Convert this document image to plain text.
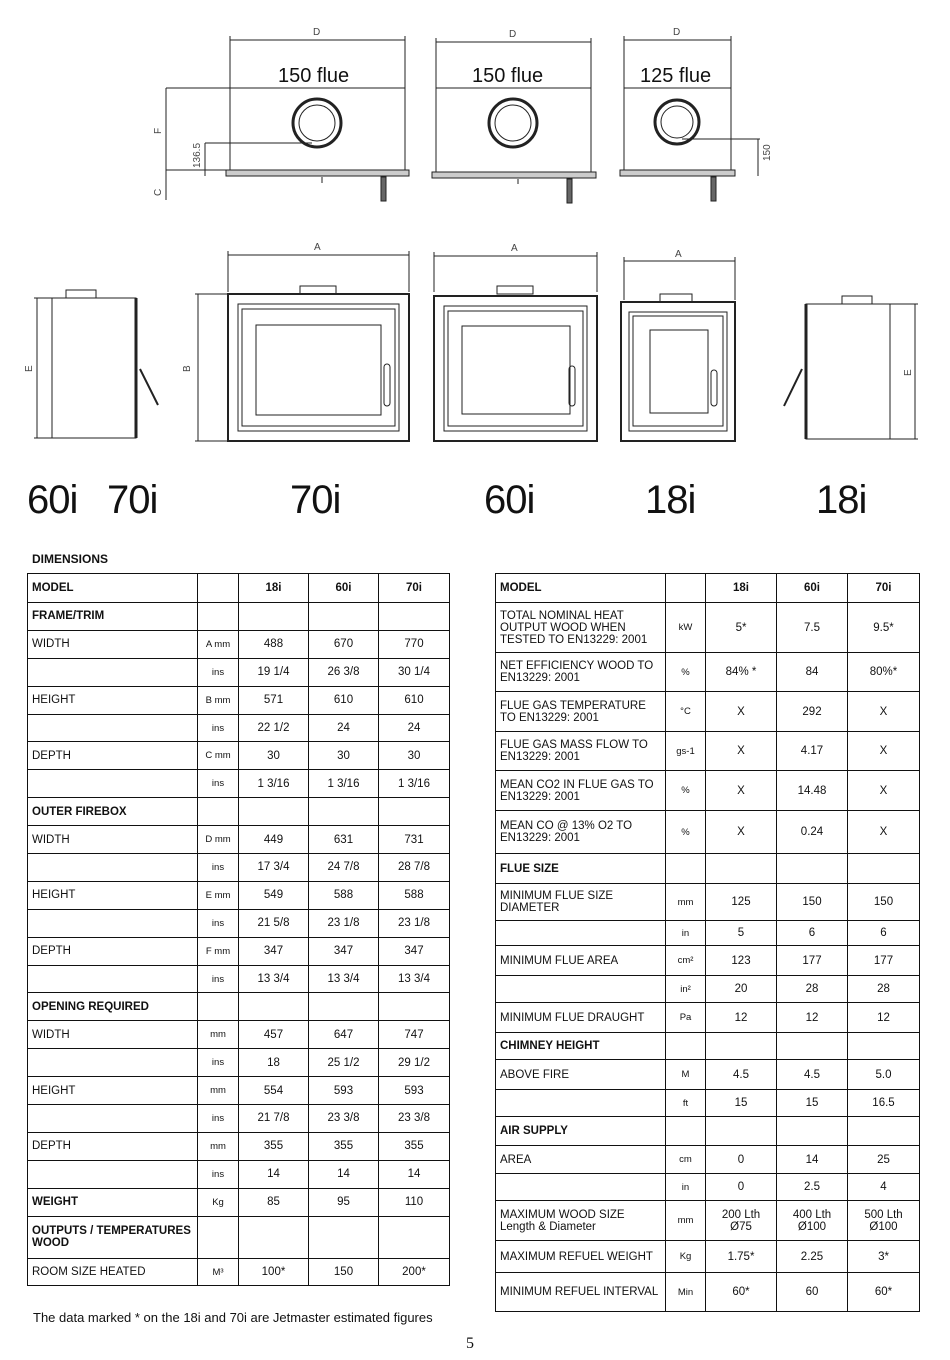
D	D	D
150 flue	150 flue	125 flue
F
C
136.5	150
A	A
A
E	B
E
60i 70i	70i	60i	18i	18i
DIMENSIONS
MODEL		18i	60i	70i
FRAME/TRIM				
WIDTH	A mm	488	670	770
	ins	19 1/4	26 3/8	30 1/4
HEIGHT	B mm	571	610	610
	ins	22 1/2	24	24
DEPTH	C mm	30	30	30
	ins	1 3/16	1 3/16	1 3/16
OUTER FIREBOX				
WIDTH	D mm	449	631	731
	ins	17 3/4	24 7/8	28 7/8
HEIGHT	E mm	549	588	588
	ins	21 5/8	23 1/8	23 1/8
DEPTH	F mm	347	347	347
	ins	13 3/4	13 3/4	13 3/4
OPENING REQUIRED				
WIDTH	mm	457	647	747
	ins	18	25 1/2	29 1/2
HEIGHT	mm	554	593	593
	ins	21 7/8	23 3/8	23 3/8
DEPTH	mm	355	355	355
	ins	14	14	14
WEIGHT	Kg	85	95	110
OUTPUTS / TEMPERATURES WOOD				
ROOM SIZE HEATED	M³	100*	150	200*
MODEL		18i	60i	70i
TOTAL NOMINAL HEAT OUTPUT WOOD WHEN TESTED TO EN13229: 2001	kW	5*	7.5	9.5*
NET EFFICIENCY WOOD TO EN13229: 2001	%	84% *	84	80%*
FLUE GAS TEMPERATURE TO EN13229: 2001	°C	X	292	X
FLUE GAS MASS FLOW TO EN13229: 2001	gs-1	X	4.17	X
MEAN CO2 IN FLUE GAS TO EN13229: 2001	%	X	14.48	X
MEAN CO @ 13% O2 TO EN13229: 2001	%	X	0.24	X
FLUE SIZE				
MINIMUM FLUE SIZE DIAMETER	mm	125	150	150
	in	5	6	6
MINIMUM FLUE AREA	cm²	123	177	177
	in²	20	28	28
MINIMUM FLUE DRAUGHT	Pa	12	12	12
CHIMNEY HEIGHT				
ABOVE FIRE	M	4.5	4.5	5.0
	ft	15	15	16.5
AIR SUPPLY				
AREA	cm	0	14	25
	in	0	2.5	4

MAXIMUM WOOD SIZE
Length & Diameter	mm	200 Lth Ø75	400 Lth Ø100	500 Lth Ø100
MAXIMUM REFUEL WEIGHT	Kg	1.75*	2.25	3*
MINIMUM REFUEL INTERVAL	Min	60*	60	60*
The data marked * on the 18i and 70i are Jetmaster estimated figures
5
